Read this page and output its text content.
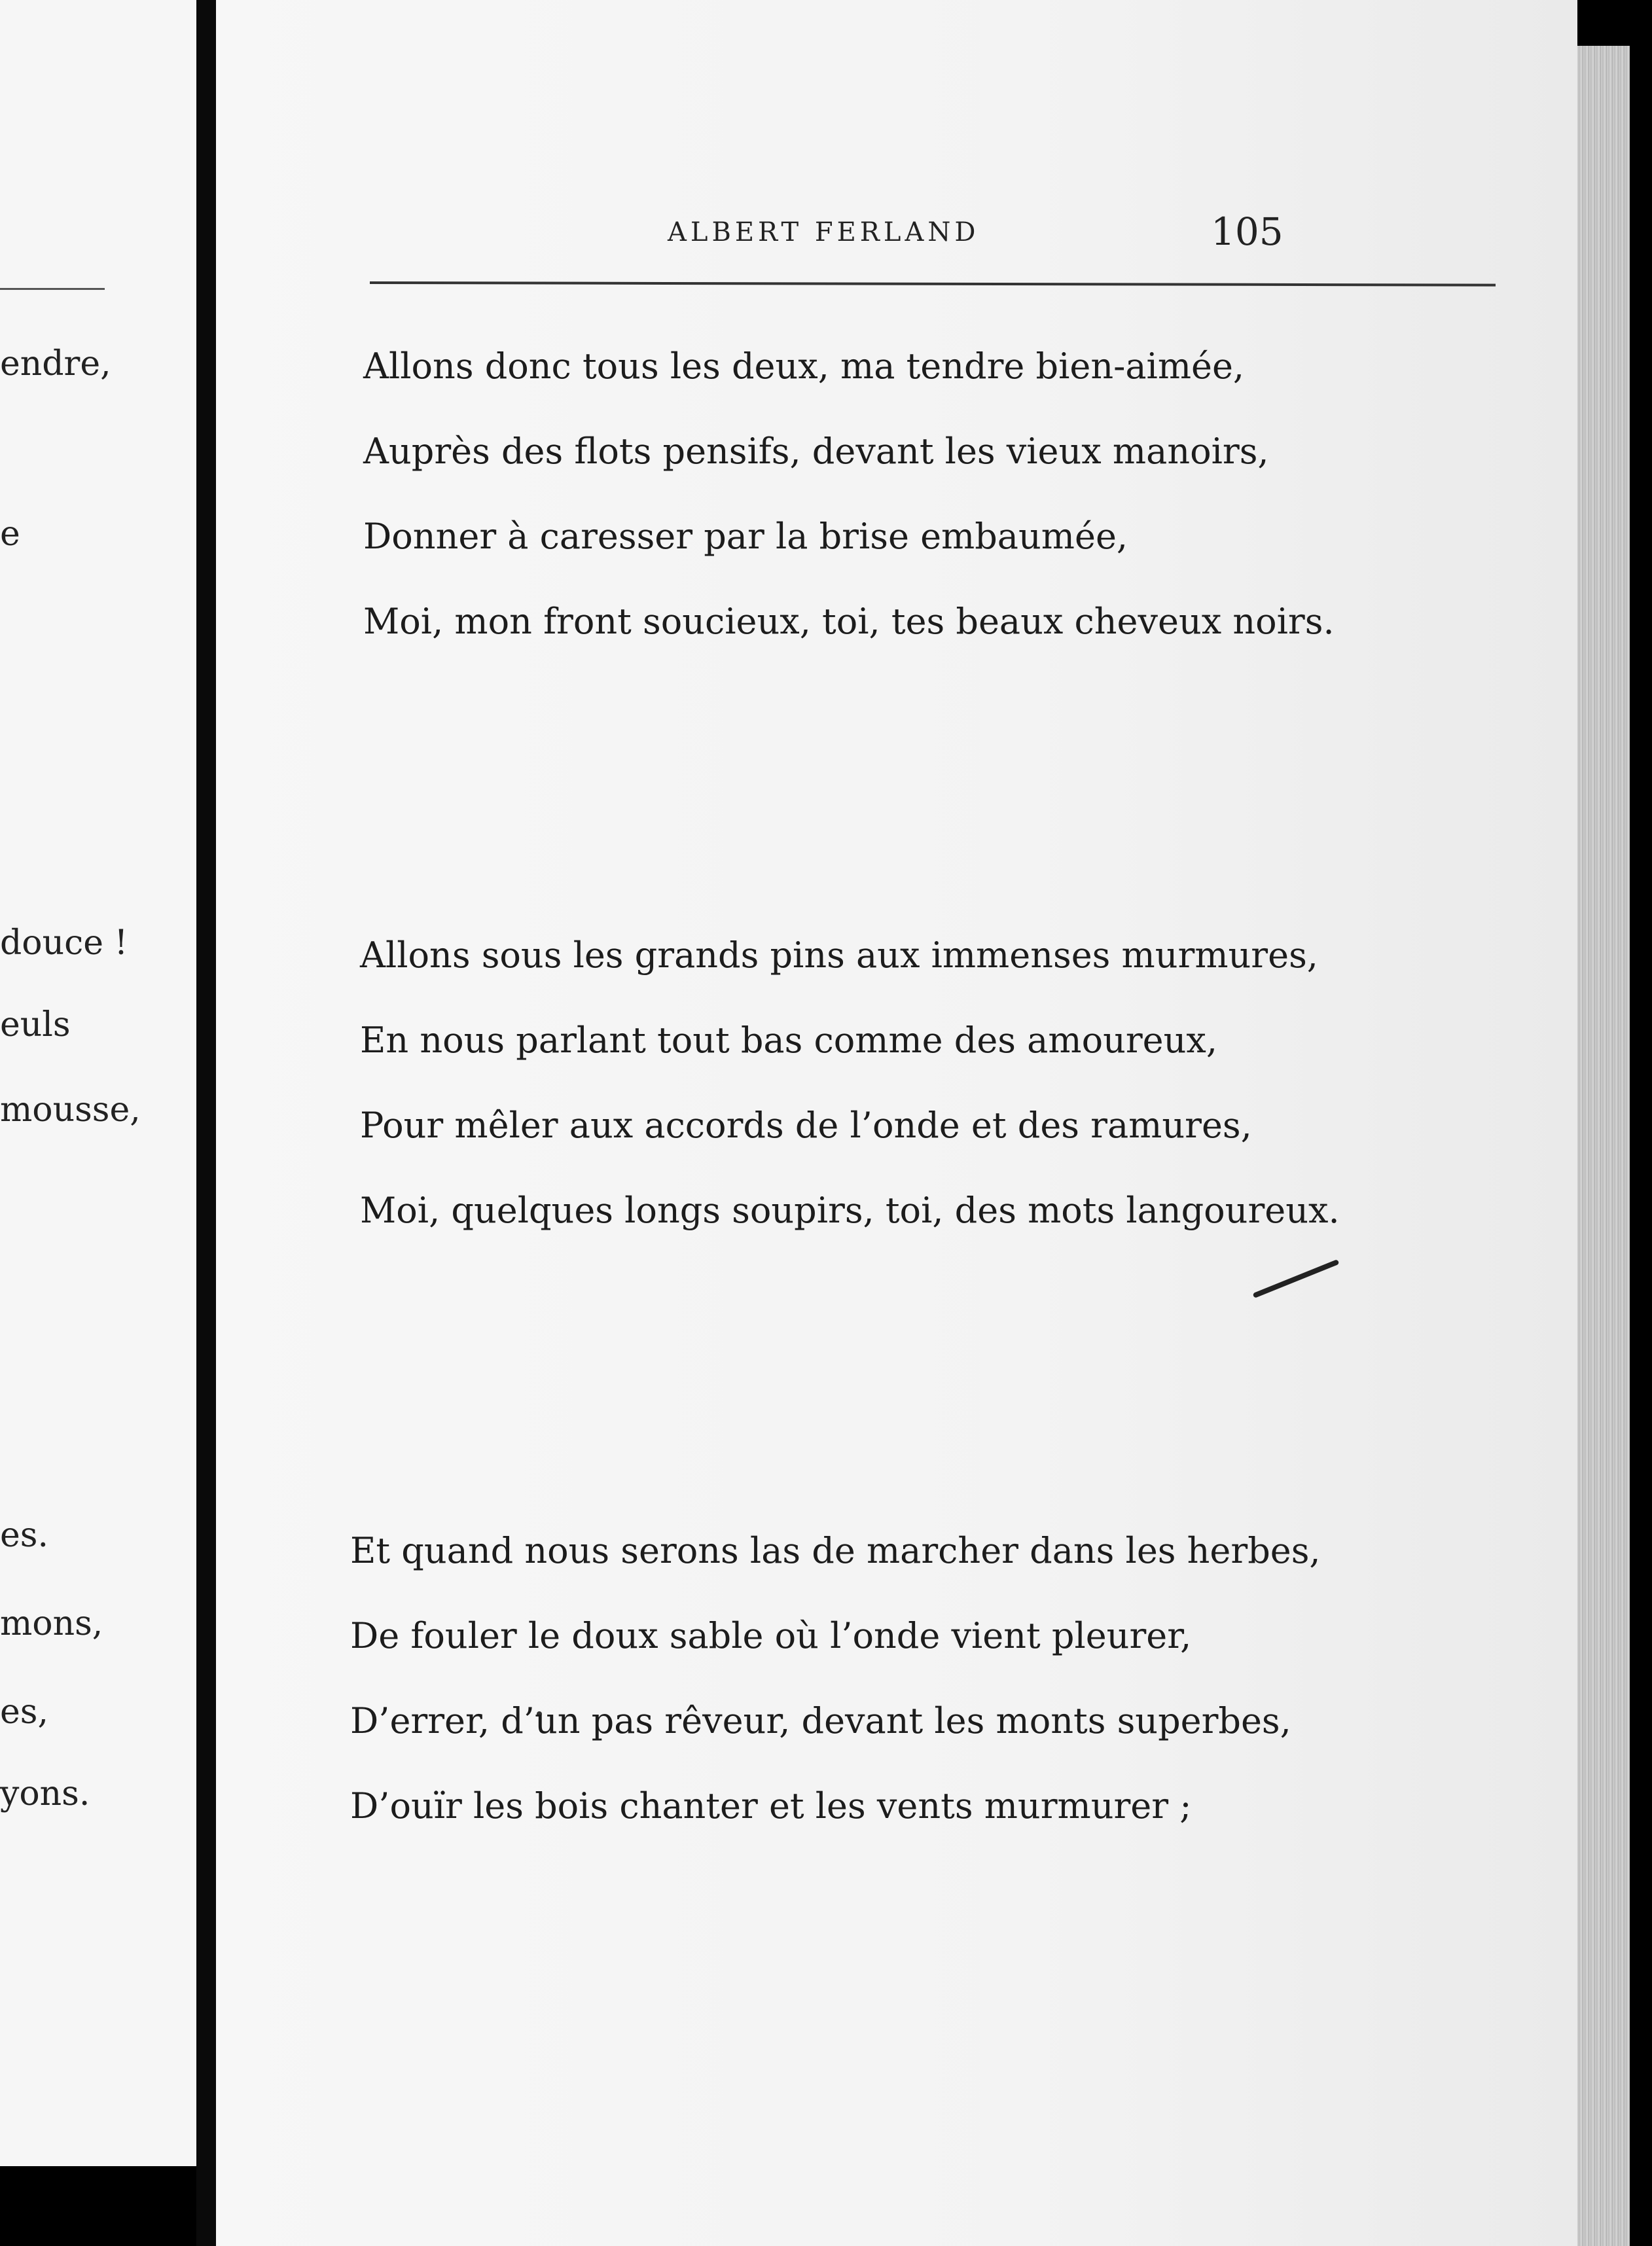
endre,
e
douce !
euls
mousse,
es.
mons,
es,
yons.
ALBERT FERLAND	105
Allons donc tous les deux, ma tendre bien-aimée,
Auprès des flots pensifs, devant les vieux manoirs,
Donner à caresser par la brise embaumée,
Moi, mon front soucieux, toi, tes beaux cheveux noirs.
Allons sous les grands pins aux immenses murmures,
En nous parlant tout bas comme des amoureux,
Pour mêler aux accords de l’onde et des ramures,
Moi, quelques longs soupirs, toi, des mots langoureux.
Et quand nous serons las de marcher dans les herbes,
De fouler le doux sable où l’onde vient pleurer,
D’errer, d’un pas rêveur, devant les monts superbes,
D’ouïr les bois chanter et les vents murmurer ;
